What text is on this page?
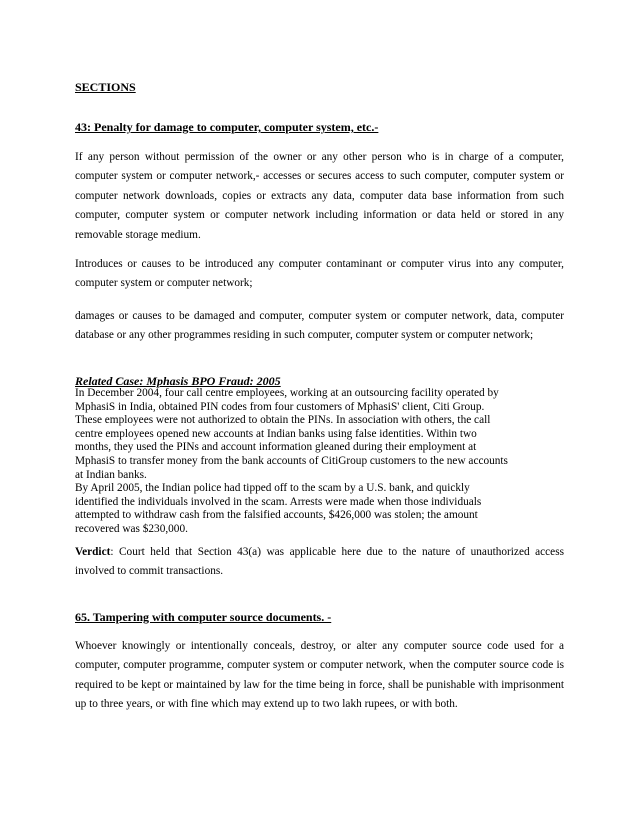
SECTIONS
43: Penalty for damage to computer, computer system, etc.-

If any person without permission of the owner or any other person who is in charge of a computer, computer system or computer network,- accesses or secures access to such computer, computer system or computer network downloads, copies or extracts any data, computer data base information from such computer, computer system or computer network including information or data held or stored in any removable storage medium.

Introduces or causes to be introduced any computer contaminant or computer virus into any computer, computer system or computer network;

damages or causes to be damaged and computer, computer system or computer network, data, computer database or any other programmes residing in such computer, computer system or computer network;

Related Case: Mphasis BPO Fraud: 2005
In December 2004, four call centre employees, working at an outsourcing facility operated by
MphasiS in India, obtained PIN codes from four customers of MphasiS' client, Citi Group.
These employees were not authorized to obtain the PINs. In association with others, the call
centre employees opened new accounts at Indian banks using false identities. Within two
months, they used the PINs and account information gleaned during their employment at
MphasiS to transfer money from the bank accounts of CitiGroup customers to the new accounts
at Indian banks.
By April 2005, the Indian police had tipped off to the scam by a U.S. bank, and quickly
identified the individuals involved in the scam. Arrests were made when those individuals
attempted to withdraw cash from the falsified accounts, $426,000 was stolen; the amount
recovered was $230,000.

Verdict: Court held that Section 43(a) was applicable here due to the nature of unauthorized access involved to commit transactions.

65. Tampering with computer source documents. -

Whoever knowingly or intentionally conceals, destroy, or alter any computer source code used for a computer, computer programme, computer system or computer network, when the computer source code is required to be kept or maintained by law for the time being in force, shall be punishable with imprisonment up to three years, or with fine which may extend up to two lakh rupees, or with both.
